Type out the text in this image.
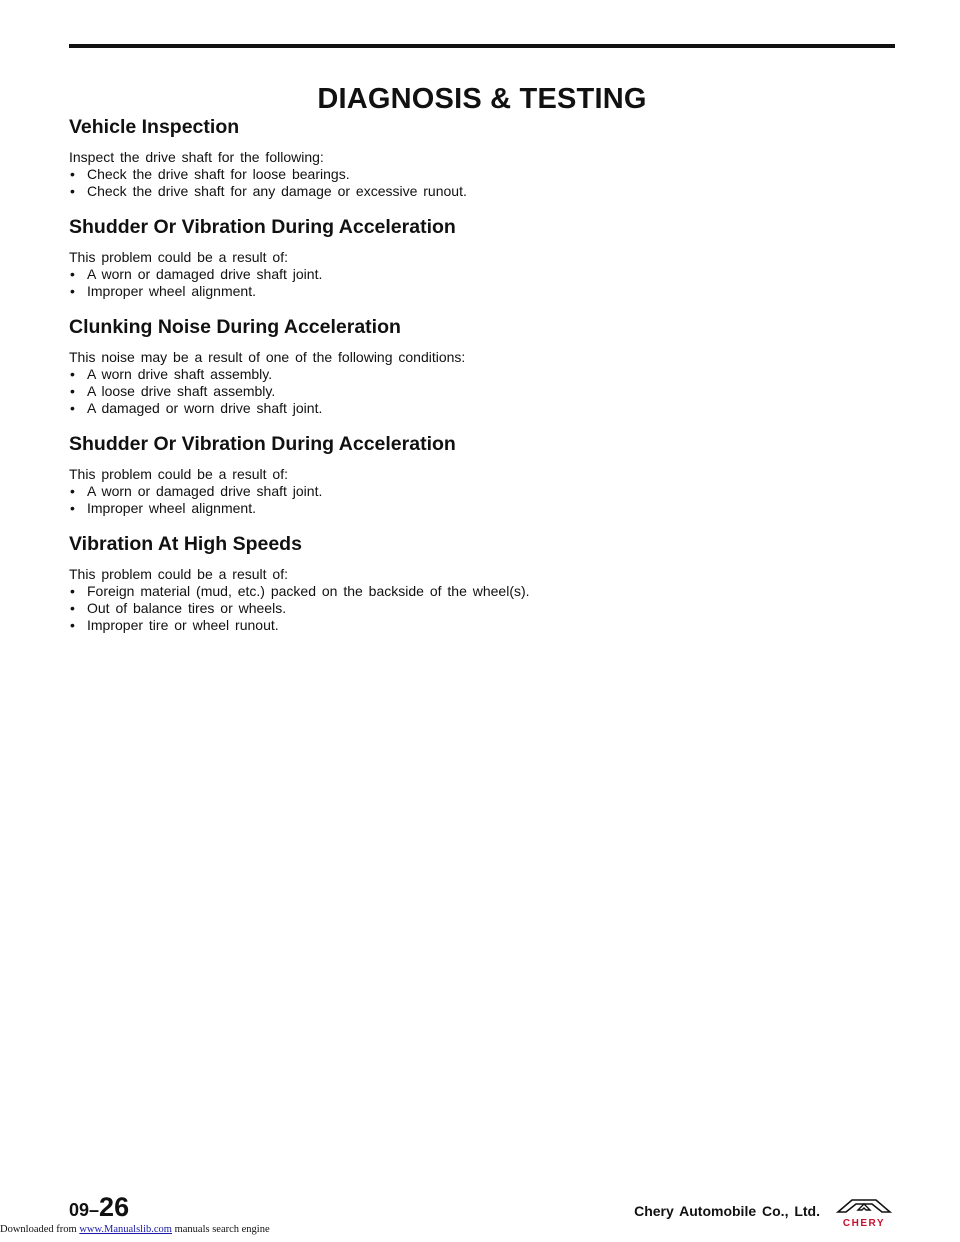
DIAGNOSIS & TESTING
Vehicle Inspection

Inspect the drive shaft for the following:

• Check the drive shaft for loose bearings.
• Check the drive shaft for any damage or excessive runout.
Shudder Or Vibration During Acceleration

This problem could be a result of:

• A worn or damaged drive shaft joint.
• Improper wheel alignment.
Clunking Noise During Acceleration

This noise may be a result of one of the following conditions:

• A worn drive shaft assembly.
• A loose drive shaft assembly.
• A damaged or worn drive shaft joint.
Shudder Or Vibration During Acceleration

This problem could be a result of:

• A worn or damaged drive shaft joint.
• Improper wheel alignment.
Vibration At High Speeds

This problem could be a result of:

• Foreign material (mud, etc.) packed on the backside of the wheel(s).
• Out of balance tires or wheels.
• Improper tire or wheel runout.
09–26	Chery Automobile Co., Ltd.
CHERY
Downloaded from www.Manualslib.com manuals search engine
